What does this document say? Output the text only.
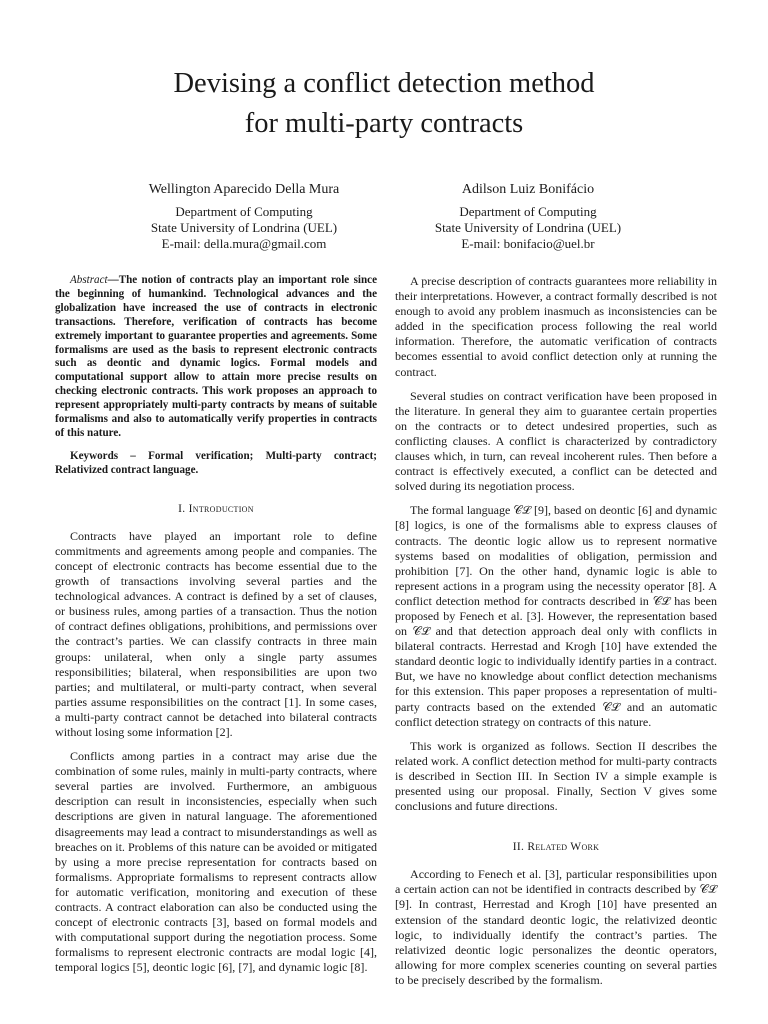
Devising a conflict detection method
for multi-party contracts
Wellington Aparecido Della Mura
Department of Computing
State University of Londrina (UEL)
E-mail: della.mura@gmail.com
Adilson Luiz Bonifácio
Department of Computing
State University of Londrina (UEL)
E-mail: bonifacio@uel.br

Abstract—The notion of contracts play an important role since the beginning of humankind. Technological advances and the globalization have increased the use of contracts in electronic transactions. Therefore, verification of contracts has become extremely important to guarantee properties and agreements. Some formalisms are used as the basis to represent electronic contracts such as deontic and dynamic logics. Formal models and computational support allow to attain more precise results on checking electronic contracts. This work proposes an approach to represent appropriately multi-party contracts by means of suitable formalisms and also to automatically verify properties in contracts of this nature.

Keywords – Formal verification; Multi-party contract; Relativized contract language.

I. Introduction

Contracts have played an important role to define commitments and agreements among people and companies. The concept of electronic contracts has become essential due to the growth of transactions involving several parties and the technological advances. A contract is defined by a set of clauses, or business rules, among parties of a transaction. Thus the notion of contract defines obligations, prohibitions, and permissions over the contract’s parties. We can classify contracts in three main groups: unilateral, when only a single party assumes responsibilities; bilateral, when responsibilities are upon two parties; and multilateral, or multi-party contract, when several parties assume responsibilities on the contract [1]. In some cases, a multi-party contract cannot be detached into bilateral contracts without losing some information [2].

Conflicts among parties in a contract may arise due the combination of some rules, mainly in multi-party contracts, where several parties are involved. Furthermore, an ambiguous description can result in inconsistencies, especially when such descriptions are given in natural language. The aforementioned disagreements may lead a contract to misunderstandings as well as breaches on it. Problems of this nature can be avoided or mitigated by using a more precise representation for contracts based on formalisms. Appropriate formalisms to represent contracts allow for automatic verification, monitoring and execution of these contracts. A contract elaboration can also be conducted using the concept of electronic contracts [3], based on formal models and with computational support during the negotiation process. Some formalisms to represent electronic contracts are modal logic [4], temporal logics [5], deontic logic [6], [7], and dynamic logic [8].

A precise description of contracts guarantees more reliability in their interpretations. However, a contract formally described is not enough to avoid any problem inasmuch as inconsistencies can be added in the specification process following the real world information. Therefore, the automatic verification of contracts becomes essential to avoid conflict detection only at running the contract.

Several studies on contract verification have been proposed in the literature. In general they aim to guarantee certain properties on the contracts or to detect undesired properties, such as conflicting clauses. A conflict is characterized by contradictory clauses which, in turn, can reveal incoherent rules. Then before a contract is effectively executed, a conflict can be detected and solved during its negotiation process.

The formal language 𝒞ℒ [9], based on deontic [6] and dynamic [8] logics, is one of the formalisms able to express clauses of contracts. The deontic logic allow us to represent normative systems based on modalities of obligation, permission and prohibition [7]. On the other hand, dynamic logic is able to represent actions in a program using the necessity operator [8]. A conflict detection method for contracts described in 𝒞ℒ has been proposed by Fenech et al. [3]. However, the representation based on 𝒞ℒ and that detection approach deal only with conflicts in bilateral contracts. Herrestad and Krogh [10] have extended the standard deontic logic to individually identify parties in a contract. But, we have no knowledge about conflict detection mechanisms for this extension. This paper proposes a representation of multi-party contracts based on the extended 𝒞ℒ and an automatic conflict detection strategy on contracts of this nature.

This work is organized as follows. Section II describes the related work. A conflict detection method for multi-party contracts is described in Section III. In Section IV a simple example is presented using our proposal. Finally, Section V gives some conclusions and future directions.

II. Related Work

According to Fenech et al. [3], particular responsibilities upon a certain action can not be identified in contracts described by 𝒞ℒ [9]. In contrast, Herrestad and Krogh [10] have presented an extension of the standard deontic logic, the relativized deontic logic, to individually identify the contract’s parties. The relativized deontic logic personalizes the deontic operators, allowing for more complex sceneries counting on several parties to be precisely described by the formalism.
